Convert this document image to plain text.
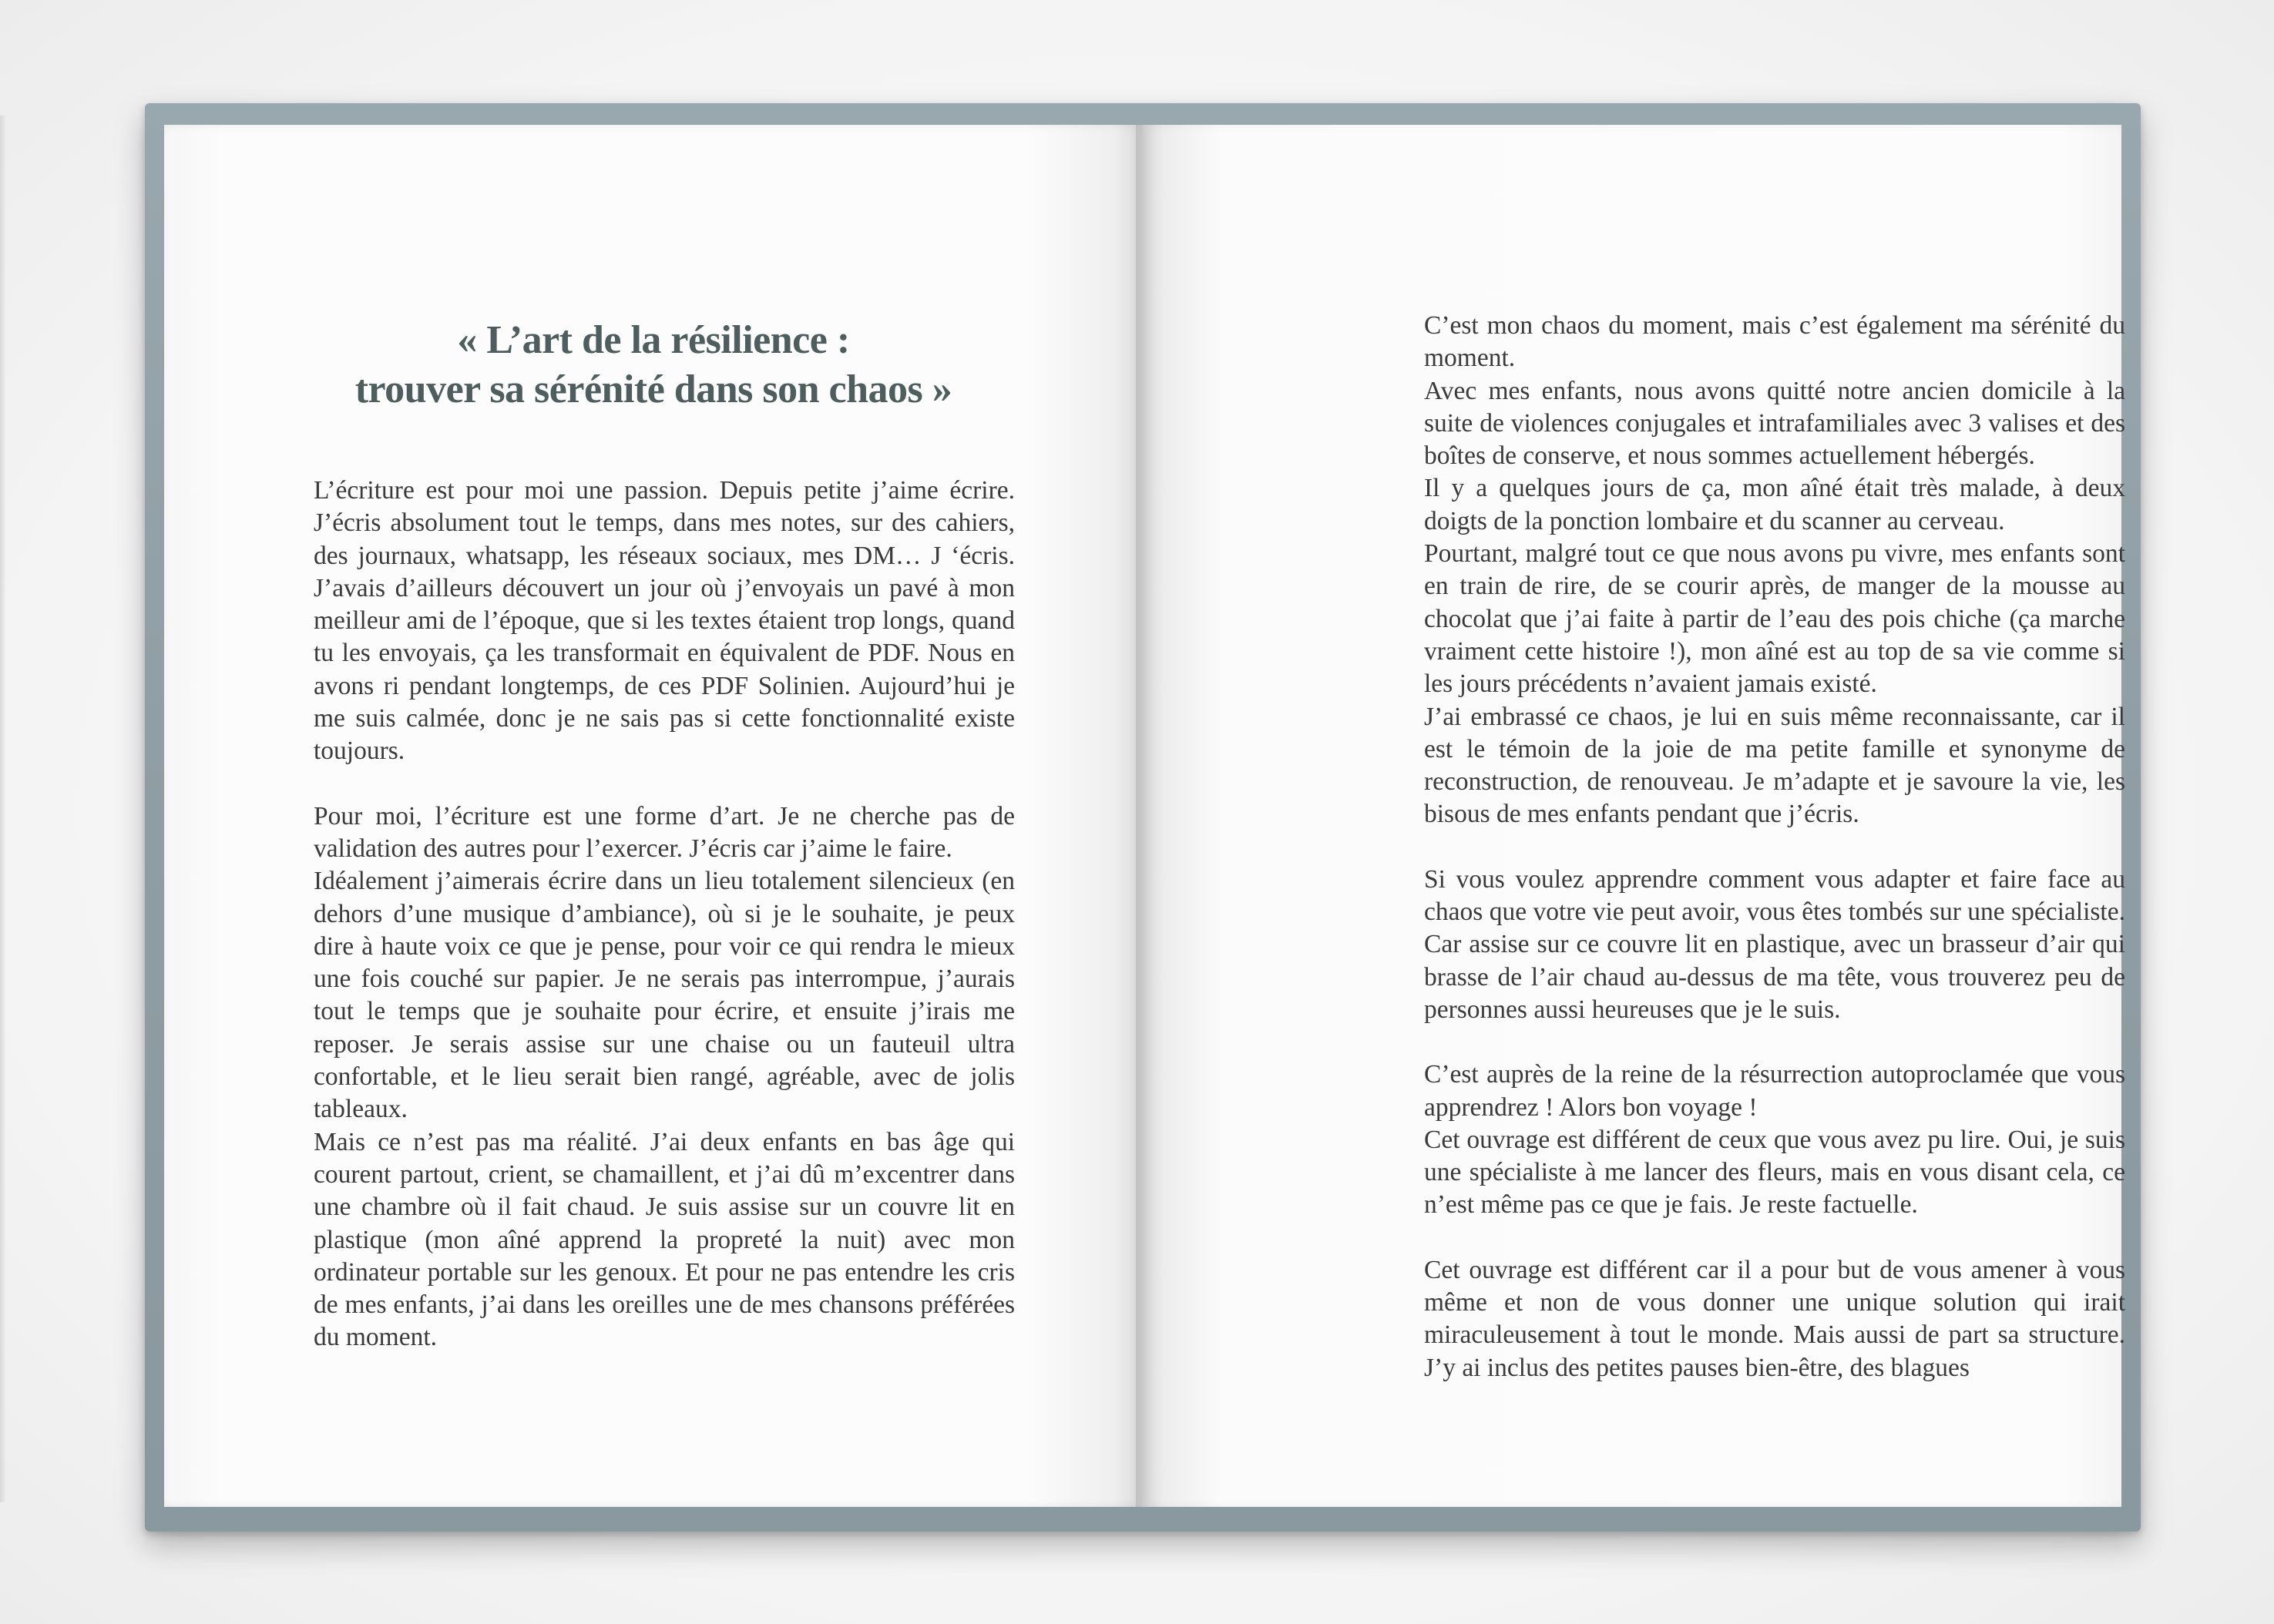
« L’art de la résilience :
trouver sa sérénité dans son chaos »

L’écriture est pour moi une passion. Depuis petite j’aime écrire. J’écris absolument tout le temps, dans mes notes, sur des cahiers, des journaux, whatsapp, les réseaux sociaux, mes DM… J ‘écris. J’avais d’ailleurs découvert un jour où j’envoyais un pavé à mon meilleur ami de l’époque, que si les textes étaient trop longs, quand tu les envoyais, ça les transformait en équivalent de PDF. Nous en avons ri pendant longtemps, de ces PDF Solinien. Aujourd’hui je me suis calmée, donc je ne sais pas si cette fonctionnalité existe toujours.

Pour moi, l’écriture est une forme d’art. Je ne cherche pas de validation des autres pour l’exercer. J’écris car j’aime le faire.

Idéalement j’aimerais écrire dans un lieu totalement silencieux (en dehors d’une musique d’ambiance), où si je le souhaite, je peux dire à haute voix ce que je pense, pour voir ce qui rendra le mieux une fois couché sur papier. Je ne serais pas interrompue, j’aurais tout le temps que je souhaite pour écrire, et ensuite j’irais me reposer. Je serais assise sur une chaise ou un fauteuil ultra confortable, et le lieu serait bien rangé, agréable, avec de jolis tableaux.

Mais ce n’est pas ma réalité. J’ai deux enfants en bas âge qui courent partout, crient, se chamaillent, et j’ai dû m’excentrer dans une chambre où il fait chaud. Je suis assise sur un couvre lit en plastique (mon aîné apprend la propreté la nuit) avec mon ordinateur portable sur les genoux. Et pour ne pas entendre les cris de mes enfants, j’ai dans les oreilles une de mes chansons préférées du moment.

C’est mon chaos du moment, mais c’est également ma sérénité du moment.

Avec mes enfants, nous avons quitté notre ancien domicile à la suite de violences conjugales et intrafamiliales avec 3 valises et des boîtes de conserve, et nous sommes actuellement hébergés.

Il y a quelques jours de ça, mon aîné était très malade, à deux doigts de la ponction lombaire et du scanner au cerveau.

Pourtant, malgré tout ce que nous avons pu vivre, mes enfants sont en train de rire, de se courir après, de manger de la mousse au chocolat que j’ai faite à partir de l’eau des pois chiche (ça marche vraiment cette histoire !), mon aîné est au top de sa vie comme si les jours précédents n’avaient jamais existé.

J’ai embrassé ce chaos, je lui en suis même reconnaissante, car il est le témoin de la joie de ma petite famille et synonyme de reconstruction, de renouveau. Je m’adapte et je savoure la vie, les bisous de mes enfants pendant que j’écris.

Si vous voulez apprendre comment vous adapter et faire face au chaos que votre vie peut avoir, vous êtes tombés sur une spécialiste. Car assise sur ce couvre lit en plastique, avec un brasseur d’air qui brasse de l’air chaud au-dessus de ma tête, vous trouverez peu de personnes aussi heureuses que je le suis.

C’est auprès de la reine de la résurrection autoproclamée que vous apprendrez ! Alors bon voyage !

Cet ouvrage est différent de ceux que vous avez pu lire. Oui, je suis une spécialiste à me lancer des fleurs, mais en vous disant cela, ce n’est même pas ce que je fais. Je reste factuelle.

Cet ouvrage est différent car il a pour but de vous amener à vous même et non de vous donner une unique solution qui irait miraculeusement à tout le monde. Mais aussi de part sa structure. J’y ai inclus des petites pauses bien-être, des blagues
